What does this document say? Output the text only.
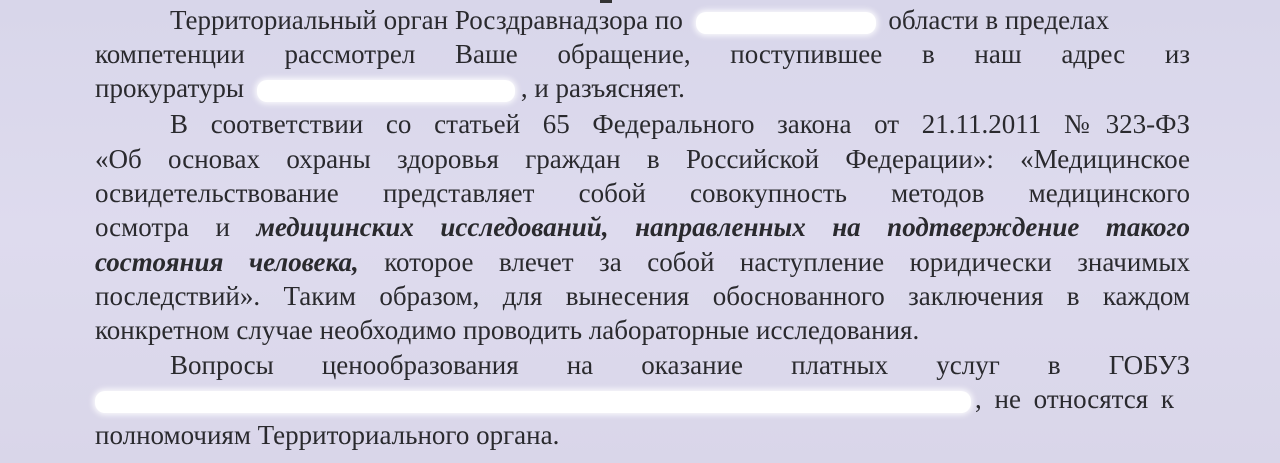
Территориальный орган Росздравнадзора по	области в пределах
компетенции рассмотрел Ваше обращение, поступившее в наш адрес из
прокуратуры	, и разъясняет.
В соответствии со статьей 65 Федерального закона от 21.11.2011 №323-ФЗ
«Об основах охраны здоровья граждан в Российской Федерации»: «Медицинское
освидетельствование представляет собой совокупность методов медицинского
осмотра и медицинских исследований, направленных на подтверждение такого
состояния человека, которое влечет за собой наступление юридически значимых
последствий». Таким образом, для вынесения обоснованного заключения в каждом
конкретном случае необходимо проводить лабораторные исследования.
Вопросы ценообразования на оказание платных услуг в ГОБУЗ
, не относятся к
полномочиям Территориального органа.
